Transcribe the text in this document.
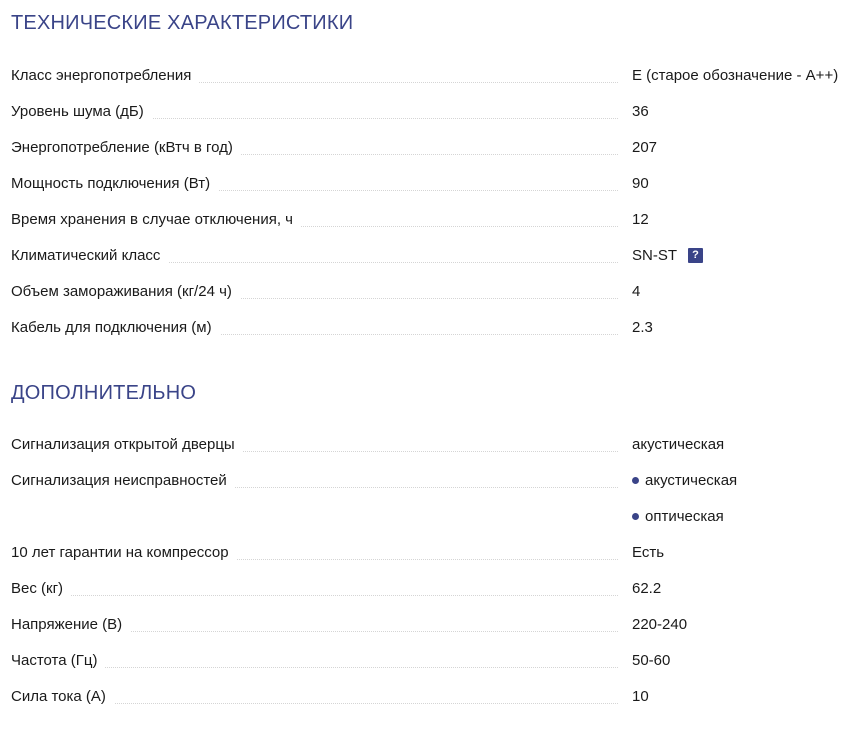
ТЕХНИЧЕСКИЕ ХАРАКТЕРИСТИКИ
Класс энергопотребления	E (старое обозначение - A++)
Уровень шума (дБ)	36
Энергопотребление (кВтч в год)	207
Мощность подключения (Вт)	90
Время хранения в случае отключения, ч	12
Климатический класс	SN-ST	?
Объем замораживания (кг/24 ч)	4
Кабель для подключения (м)	2.3
ДОПОЛНИТЕЛЬНО
Сигнализация открытой дверцы	акустическая
Сигнализация неисправностей	акустическая
оптическая
10 лет гарантии на компрессор	Есть
Вес (кг)	62.2
Напряжение (В)	220-240
Частота (Гц)	50-60
Сила тока (А)	10
